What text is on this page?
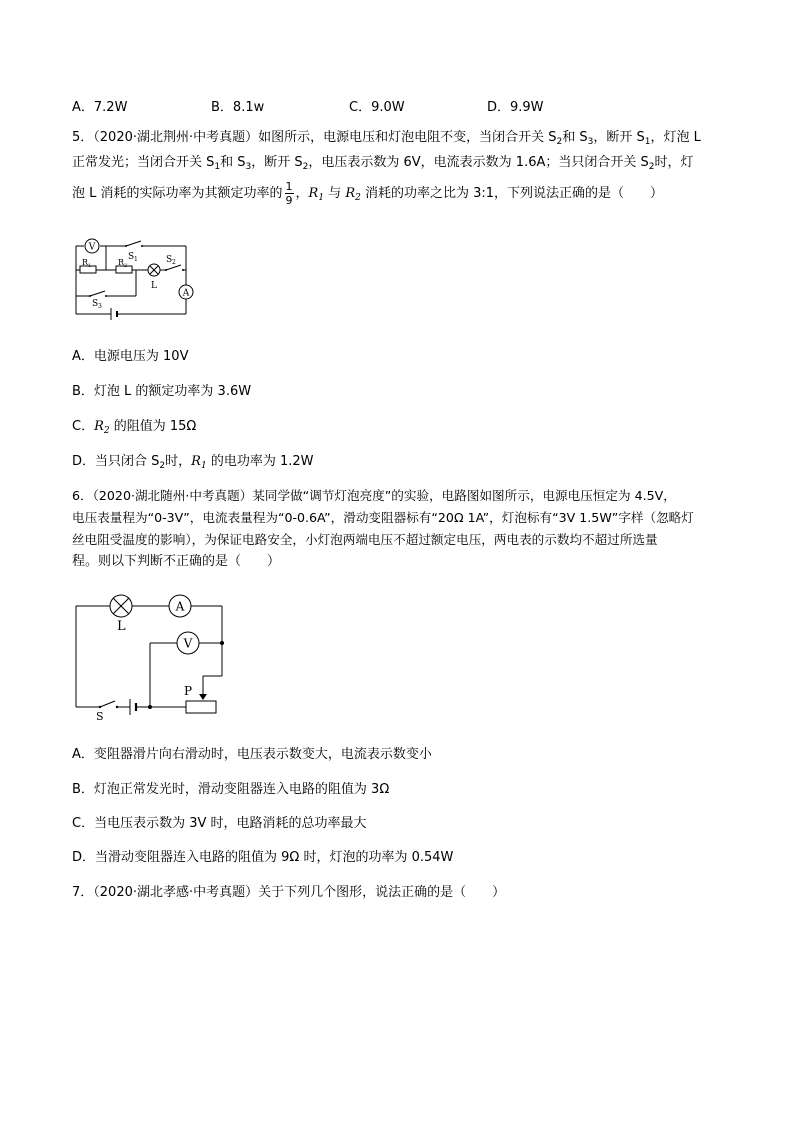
A．7.2W	B．8.1w	C．9.0W	D．9.9W
5．（2020·湖北荆州·中考真题）如图所示，电源电压和灯泡电阻不变，当闭合开关 $S_2$和 $S_3$，断开 $S_1$，灯泡 L
正常发光；当闭合开关 $S_1$和 $S_3$，断开 $S_2$，电压表示数为 6V，电流表示数为 1.6A；当只闭合开关 $S_2$时，灯
泡 L 消耗的实际功率为其额定功率的 $\frac{1}{9}$ ，$R_1$ 与 $R_2$ 消耗的功率之比为 3:1，下列说法正确的是（　　）
V
S 1
R 1	R 2
L
S 2
A
S 3
A．电源电压为 10V
B．灯泡 L 的额定功率为 3.6W
C．$R_2$ 的阻值为 15Ω
D．当只闭合 $S_2$时，$R_1$ 的电功率为 1.2W
6．（2020·湖北随州·中考真题）某同学做“调节灯泡亮度”的实验，电路图如图所示，电源电压恒定为 4.5V，
电压表量程为“0-3V”，电流表量程为“0-0.6A”，滑动变阻器标有“20Ω 1A”，灯泡标有“3V 1.5W”字样（忽略灯
丝电阻受温度的影响），为保证电路安全，小灯泡两端电压不超过额定电压，两电表的示数均不超过所选量
程。则以下判断不正确的是（　　）
L
A
V
P
S
A．变阻器滑片向右滑动时，电压表示数变大，电流表示数变小
B．灯泡正常发光时，滑动变阻器连入电路的阻值为 3Ω
C．当电压表示数为 3V 时，电路消耗的总功率最大
D．当滑动变阻器连入电路的阻值为 9Ω 时，灯泡的功率为 0.54W
7．（2020·湖北孝感·中考真题）关于下列几个图形，说法正确的是（　　）
